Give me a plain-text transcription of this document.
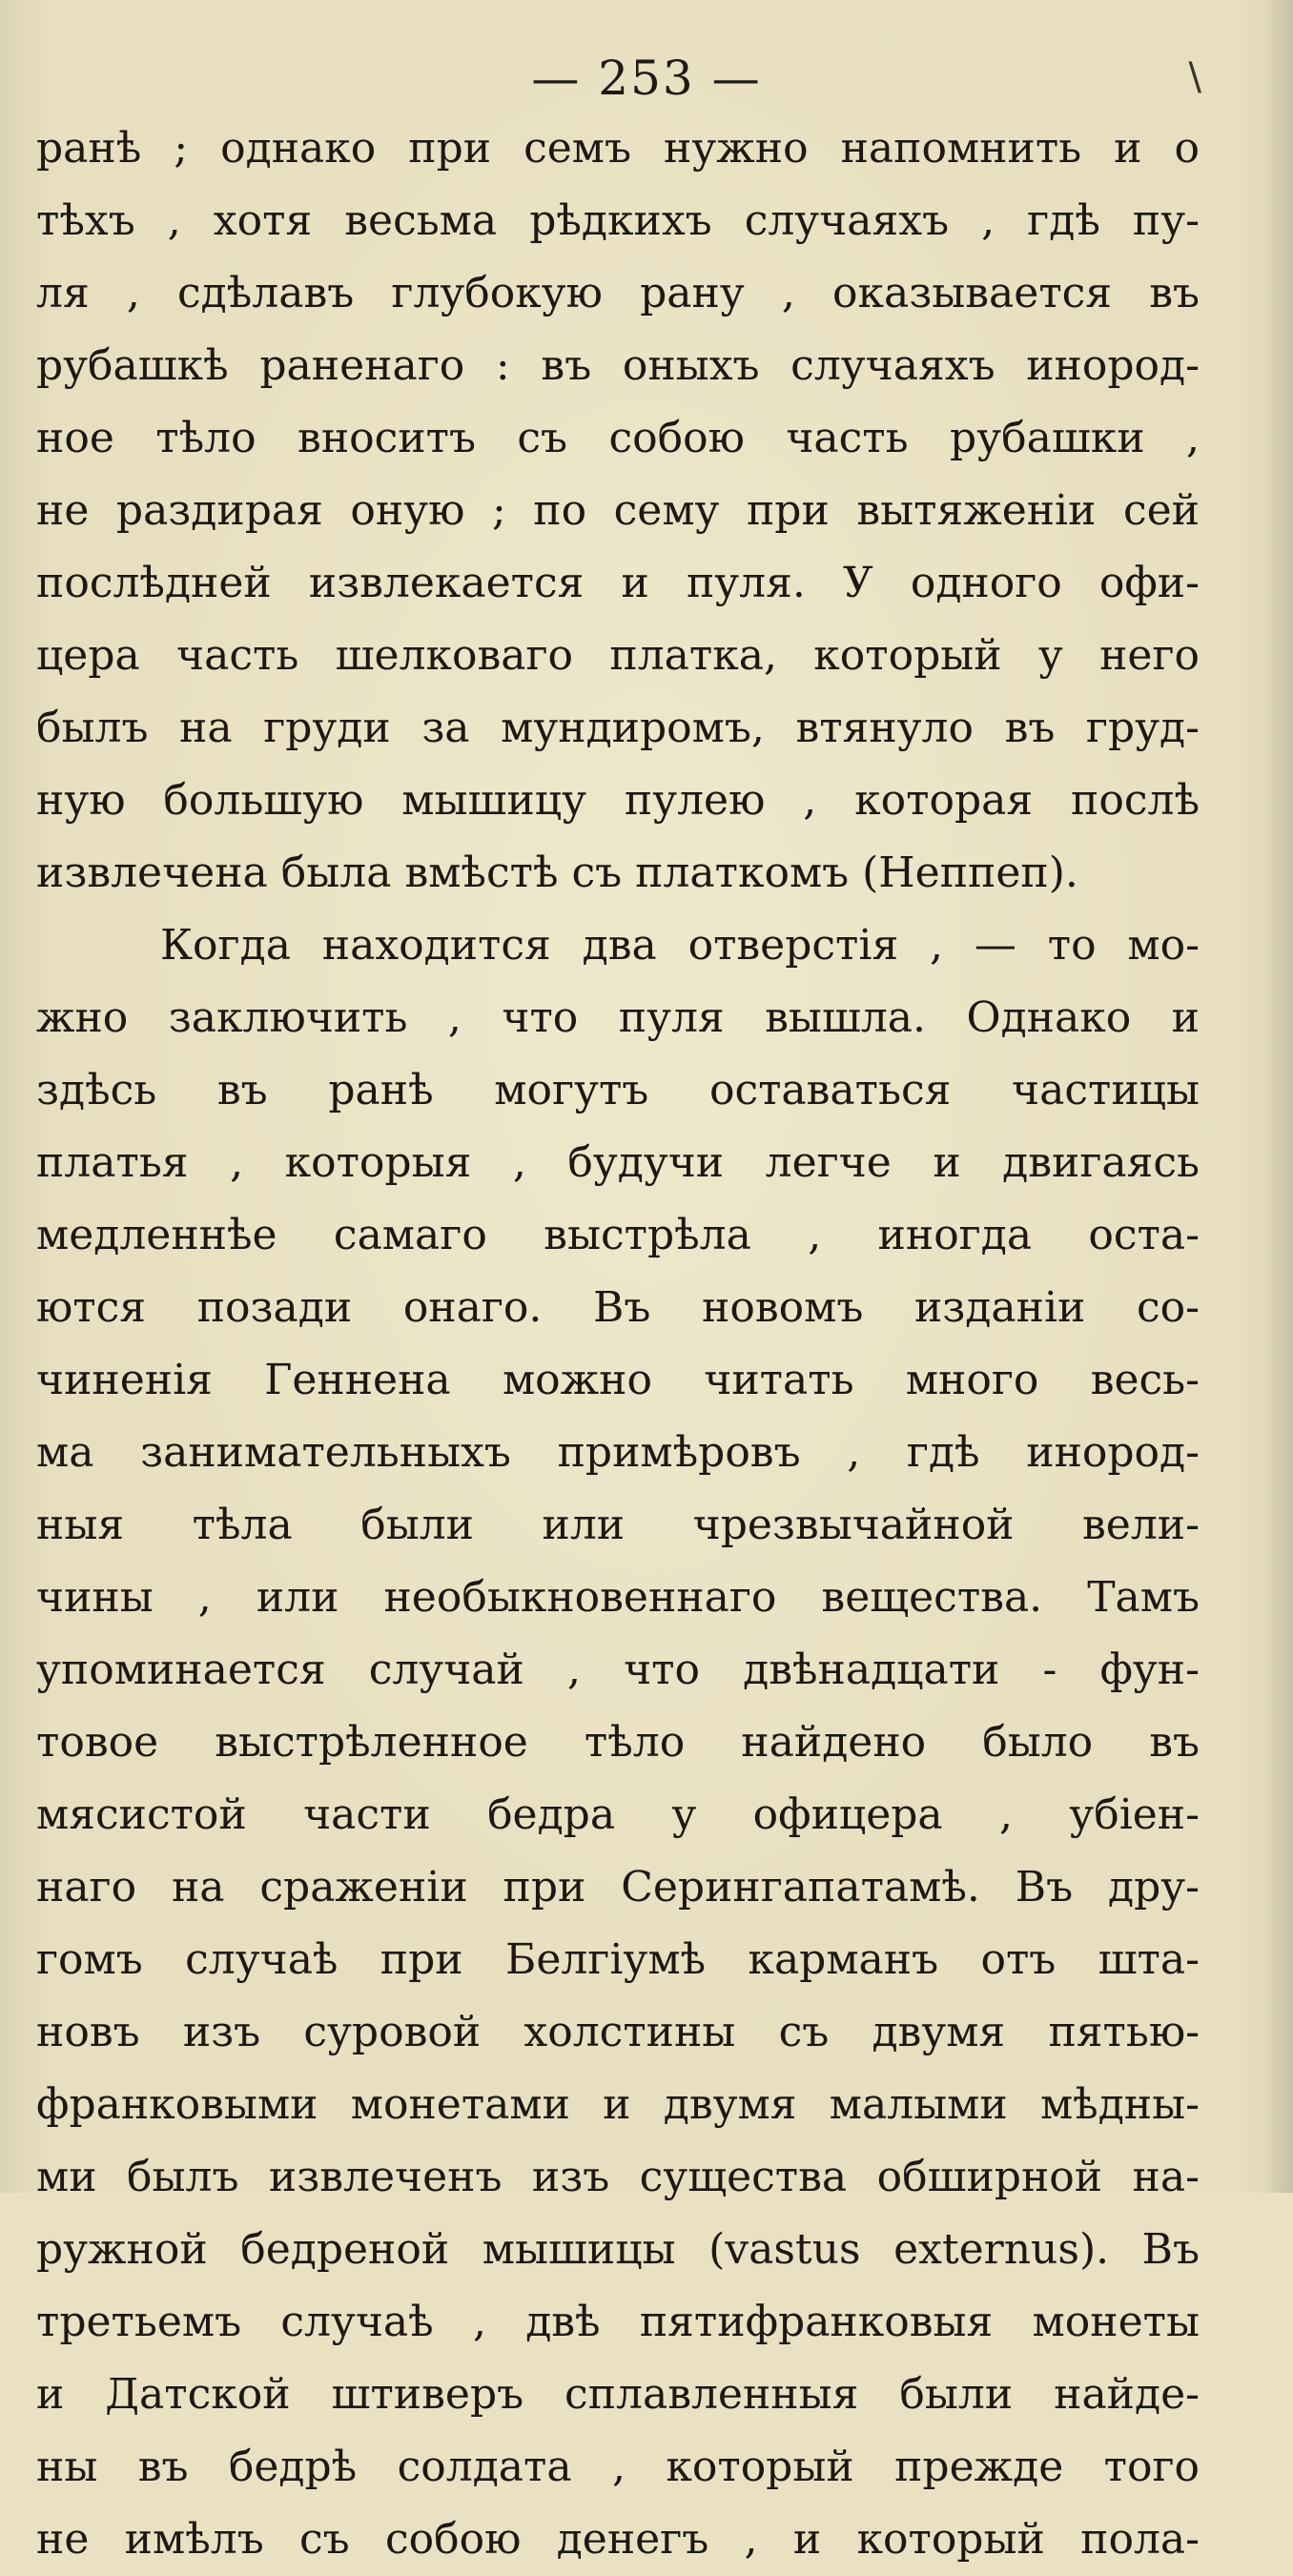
— 253 —	\
ранѣ ; однако при семъ нужно напомнить и о
тѣхъ , хотя весьма рѣдкихъ случаяхъ , гдѣ пу-
ля , сдѣлавъ глубокую рану , оказывается въ
рубашкѣ раненаго : въ оныхъ случаяхъ инород-
ное тѣло вноситъ съ собою часть рубашки ,
не раздирая оную ; по сему при вытяженіи сей
послѣдней извлекается и пуля. У одного офи-
цера часть шелковаго платка, который у него
былъ на груди за мундиромъ, втянуло въ груд-
ную большую мышицу пулею , которая послѣ
извлечена была вмѣстѣ съ платкомъ (Неппеп).
Когда находится два отверстія , — то мо-
жно заключить , что пуля вышла. Однако и
здѣсь въ ранѣ могутъ оставаться частицы
платья , которыя , будучи легче и двигаясь
медленнѣе самаго выстрѣла , иногда оста-
ются позади онаго. Въ новомъ изданіи со-
чиненія Геннена можно читать много весь-
ма занимательныхъ примѣровъ , гдѣ инород-
ныя тѣла были или чрезвычайной вели-
чины , или необыкновеннаго вещества. Тамъ
упоминается случай , что двѣнадцати - фун-
товое выстрѣленное тѣло найдено было въ
мясистой части бедра у офицера , убіен-
наго на сраженіи при Серингапатамѣ. Въ дру-
гомъ случаѣ при Белгіумѣ карманъ отъ шта-
новъ изъ суровой холстины съ двумя пятью-
франковыми монетами и двумя малыми мѣдны-
ми былъ извлеченъ изъ существа обширной на-
ружной бедреной мышицы (vastus externus). Въ
третьемъ случаѣ , двѣ пятифранковыя монеты
и Датской штиверъ сплавленныя были найде-
ны въ бедрѣ солдата , который прежде того
не имѣлъ съ собою денегъ , и который пола-
